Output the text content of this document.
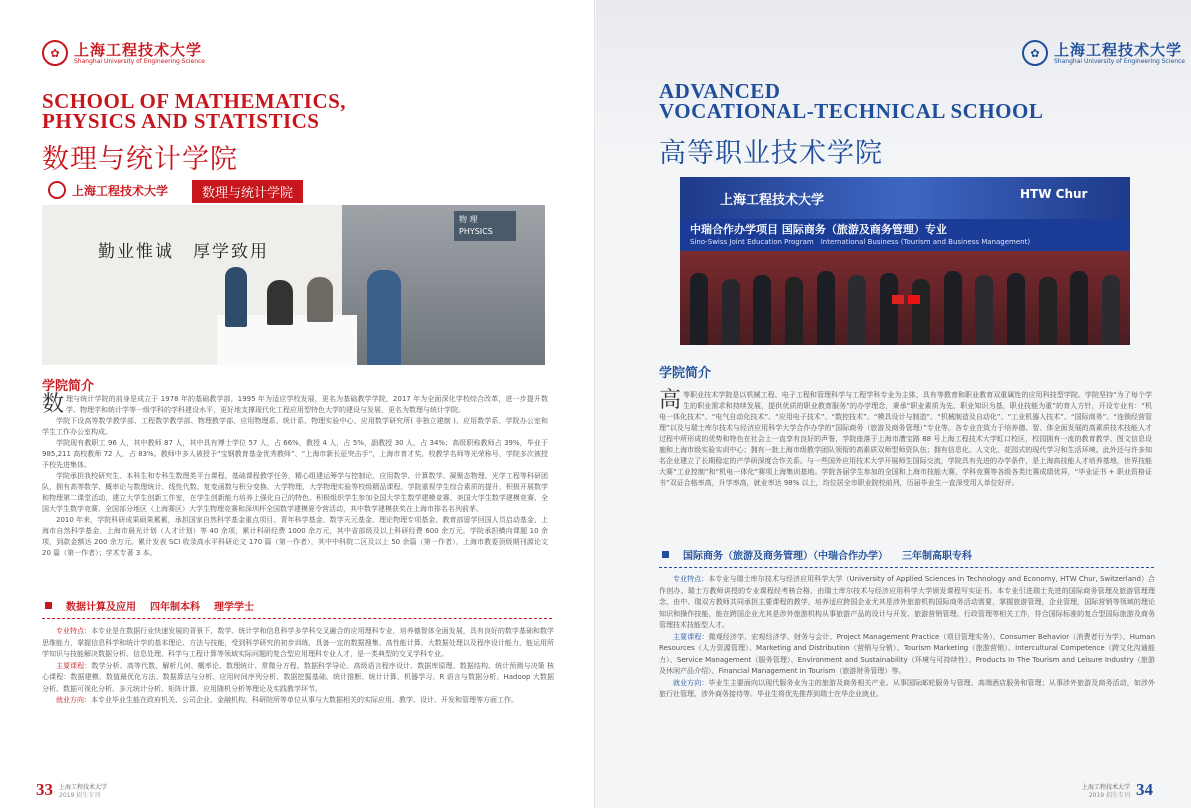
✿ 上海工程技术大学
Shanghai University of Engineering Science
SCHOOL OF MATHEMATICS,
PHYSICS AND STATISTICS
数理与统计学院
上海工程技术大学	数理与统计学院
勤业惟诚　厚学致用
物 理
PHYSICS
学院简介

数理与统计学院的前身是成立于 1978 年的基础教学部，1995 年为适应学校发展，更名为基础教学学院，2017 年为全面深化学校综合改革，进一步提升数学、物理学和统计学等一级学科的学科建设水平，更好地支撑现代化工程应用型特色大学的建设与发展，更名为数理与统计学院。

学院下设高等数学教学部、工程数学教学部、物理教学部、应用物理系、统计系、物理实验中心、应用数学研究所( 非独立建制 )、应用数学系、学院办公室和学生工作办公室构成。

学院现有教职工 96 人，其中教师 87 人，其中具有博士学位 57 人，占 66%，教授 4 人，占 5%，副教授 30 人，占 34%；高级职称教师占 39%，毕业于 985,211 高校教师 72 人，占 83%。教师中多人被授予“宝钢教育基金优秀教师”、“上海市新长征突击手”，上海市育才奖，校教学名师等光荣称号，学院多次被授予校先进集体。

学院承担我校研究生、本科生和专科生数理类平台课程，基础课程教学任务，精心组建运筹学与控制论、应用数学、计算数学、凝聚态物理、光学工程等科研团队，拥有高等数学、概率论与数理统计、线性代数、复变函数与积分变换、大学物理、大学物理实验等校级精品课程。学院重视学生综合素质的提升，积极开展数学和物理第二课堂活动，建立大学生创新工作室，在学生创新能力培养上强化自己的特色。积极组织学生参加全国大学生数学建模竞赛、美国大学生数学建模竞赛、全国大学生数学竞赛、全国部分地区（上海赛区）大学生物理竞赛和深圳杯全国数学建模夏令营活动，其中数学建模获奖在上海市排名名列前茅。

2010 年来，学院科研成果硕果累累，承担国家自然科学基金重点项目、青年科学基金、数学天元基金、理论物理专项基金、教育部留学回国人员启动基金、上海市自然科学基金、上海市晨光计划（人才计划）等 40 余项，累计科研经费 1000 余万元，其中省部级及以上科研经费 600 余万元。学院承担横向课题 10 余项，到款金额达 200 余万元。累计发表 SCI 收录高水平科研论文 170 篇（第一作者），其中中科院二区及以上 50 余篇（第一作者），上海市教委顶级期刊源论文 20 篇（第一作者）；学术专著 3 本。

数据计算及应用 四年制本科 理学学士

专业特点：本专业是在数据行业快速发展的背景下，数学、统计学和信息科学多学科交叉融合的应用理科专业，培养德智体全面发展，具有良好的数学基础和数学思维能力，掌握信息科学和统计学的基本理论、方法与技能，受到科学研究的初步训练，具备一定的数据搜集、高性能计算、大数据处理以及程序设计能力，能运用所学知识与技能解决数据分析、信息处理、科学与工程计算等领域实际问题的复合型应用理科专业人才，是一类典型的交叉学科专业。

主要课程：数学分析、高等代数、解析几何、概率论、数理统计、常微分方程、数据科学导论、高级语言程序设计、数据库原理、数据结构、统计预测与决策 核心课程：数据建模、数值最优化方法、数据算法与分析、应用时间序列分析、数据挖掘基础、统计推断、统计计算、机器学习、R 语言与数据分析、Hadoop 大数据分析、数据可视化分析、多元统计分析、矩阵计算、应用随机分析等理论及实践教学环节。

就业方向：本专业毕业生能在政府机关、公司企业、金融机构、科研院所等单位从事与大数据相关的实际应用、教学、设计、开发和管理等方面工作。

33 上海工程技术大学
2019 招生专刊
✿ 上海工程技术大学
Shanghai University of Engineering Science
ADVANCED
VOCATIONAL-TECHNICAL SCHOOL
高等职业技术学院
上海工程技术大学	HTW Chur
中瑞合作办学项目 国际商务（旅游及商务管理）专业
Sino-Swiss Joint Education Program　International Business (Tourism and Business Management)
学院简介

高等职业技术学院是以机械工程、电子工程和管理科学与工程学科专业为主体，具有等教育和职业教育双重属性的应用科技型学院。学院坚持“为了每个学生的职业需求和持续发展，提供优质的职业教育服务”的办学理念，秉承“职业素质为先、职业知识为基，职业技能为重”的育人方针，开设专业有：“机电一体化技术”、“电气自动化技术”、“应用电子技术”、“数控技术”、“模具设计与制造”、“机械制造及自动化”、“工业机器人技术”、“国际商务”、“连锁经营管理”以及与瑞士库尔技术与经济应用科学大学合作办学的“国际商务（旅游及商务管理）”专业等。各专业在致力于培养德、智、体全面发展的高素质技术技能人才过程中所形成的优势和特色在社会上一直享有良好的声誉，学院座落于上海市漕宝路 88 号上海工程技术大学虹口校区，校园拥有一流的教育教学、图文信息设施和上海市级实验实训中心；拥有一批上海市级教学团队领衔的高素质双师型师资队伍；拥有信息化、人文化、花园式的现代学习和生活环境。此外还与许多知名企业建立了长期稳定的产学研深度合作关系。与一些国外应用技术大学开展师生国际交流，学院具有先进的办学条件，是上海高技能人才培养基地，世界技能大赛“工业控制”和“机电一体化”赛项上海集训基地。学院各届学生参加的全国和上海市技能大赛，学科竞赛等各级各类比赛成绩优异，“毕业证书 + 职业资格证书”双证合格率高，升学率高，就业率达 98% 以上，均位居全市职业院校前列，历届毕业生一直深受用人单位好评。

国际商务（旅游及商务管理）（中瑞合作办学） 三年制高职专科

专业特点：本专业与瑞士库尔技术与经济应用科学大学（University of Applied Sciences in Technology and Economy, HTW Chur, Switzerland）合作创办。瑞士方教师讲授的专业课程经考核合格，由瑞士库尔技术与经济应用科学大学颁发课程写实证书。本专业引进瑞士先进的国际商务管理及旅游管理理念，由中、瑞双方教师共同承担主要课程的教学，培养适应跨国企业尤其是涉外旅游机构国际商务活动需要，掌握旅游管理，企业管理，国际营销等领域的理论知识和操作技能，能在跨国企业尤其是涉外旅游机构从事旅游产品的设计与开发、旅游营销管理、行政管理等相关工作，符合国际标准的复合型国际旅游及商务管理技术技能型人才。

主要课程：微观经济学、宏观经济学、财务与会计、Project Management Practice（项目管理实务）、Consumer Behavior（消费者行为学）、Human Resources（人力资源管理）、Marketing and Distribution（营销与分销）、Tourism Marketing（旅游营销）、Intercultural Competence（跨文化沟通能力）、Service Management（服务管理）、Environment and Sustainability（环境与可持续性）、Products In The Tourism and Leisure Industry（旅游及休闲产品介绍）、Financial Management in Tourism（旅游财务管理）等。

就业方向：毕业生主要面向以现代服务业为主的旅游及商务相关产业。从事国际邮轮服务与管理、高端酒店服务和管理；从事涉外旅游及商务活动，如涉外旅行社管理、涉外商务接待等。毕业生将优先推荐到瑞士在华企业就业。

上海工程技术大学
2019 招生专刊 34
